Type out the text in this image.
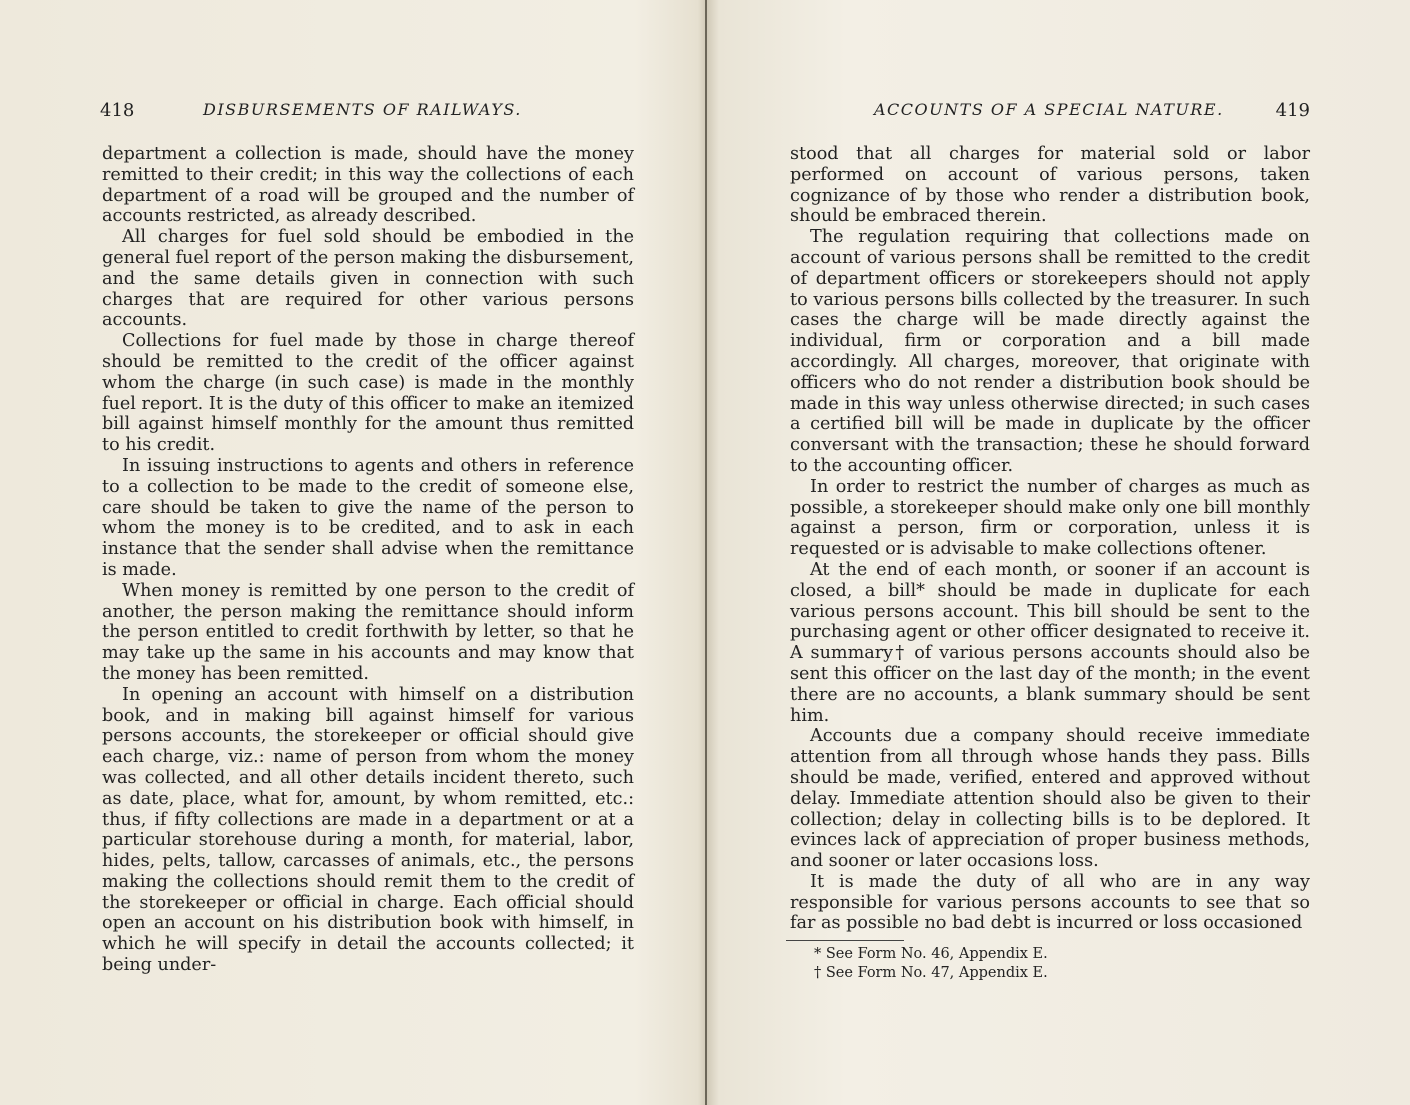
418	DISBURSEMENTS OF RAILWAYS.

department a collection is made, should have the money remitted to their credit; in this way the collections of each department of a road will be grouped and the number of accounts restricted, as already described.

All charges for fuel sold should be embodied in the general fuel report of the person making the disbursement, and the same details given in connection with such charges that are required for other various persons accounts.

Collections for fuel made by those in charge thereof should be remitted to the credit of the officer against whom the charge (in such case) is made in the monthly fuel report. It is the duty of this officer to make an itemized bill against himself monthly for the amount thus remitted to his credit.

In issuing instructions to agents and others in reference to a collection to be made to the credit of someone else, care should be taken to give the name of the person to whom the money is to be credited, and to ask in each instance that the sender shall advise when the remittance is made.

When money is remitted by one person to the credit of another, the person making the remittance should inform the person entitled to credit forthwith by letter, so that he may take up the same in his accounts and may know that the money has been remitted.

In opening an account with himself on a distribution book, and in making bill against himself for various persons accounts, the storekeeper or official should give each charge, viz.: name of person from whom the money was collected, and all other details incident thereto, such as date, place, what for, amount, by whom remitted, etc.: thus, if fifty collections are made in a department or at a particular storehouse during a month, for material, labor, hides, pelts, tallow, carcasses of animals, etc., the persons making the collections should remit them to the credit of the storekeeper or official in charge. Each official should open an account on his distribution book with himself, in which he will specify in detail the accounts collected; it being under-

ACCOUNTS OF A SPECIAL NATURE.	419

stood that all charges for material sold or labor performed on account of various persons, taken cognizance of by those who render a distribution book, should be embraced therein.

The regulation requiring that collections made on account of various persons shall be remitted to the credit of department officers or storekeepers should not apply to various persons bills collected by the treasurer. In such cases the charge will be made directly against the individual, firm or corporation and a bill made accordingly. All charges, moreover, that originate with officers who do not render a distribution book should be made in this way unless otherwise directed; in such cases a certified bill will be made in duplicate by the officer conversant with the transaction; these he should forward to the accounting officer.

In order to restrict the number of charges as much as possible, a storekeeper should make only one bill monthly against a person, firm or corporation, unless it is requested or is advisable to make collections oftener.

At the end of each month, or sooner if an account is closed, a bill* should be made in duplicate for each various persons account. This bill should be sent to the purchasing agent or other officer designated to receive it. A summary† of various persons accounts should also be sent this officer on the last day of the month; in the event there are no accounts, a blank summary should be sent him.

Accounts due a company should receive immediate attention from all through whose hands they pass. Bills should be made, verified, entered and approved without delay. Immediate attention should also be given to their collection; delay in collecting bills is to be deplored. It evinces lack of appreciation of proper business methods, and sooner or later occasions loss.

It is made the duty of all who are in any way responsible for various persons accounts to see that so far as possible no bad debt is incurred or loss occasioned

* See Form No. 46, Appendix E.
† See Form No. 47, Appendix E.
